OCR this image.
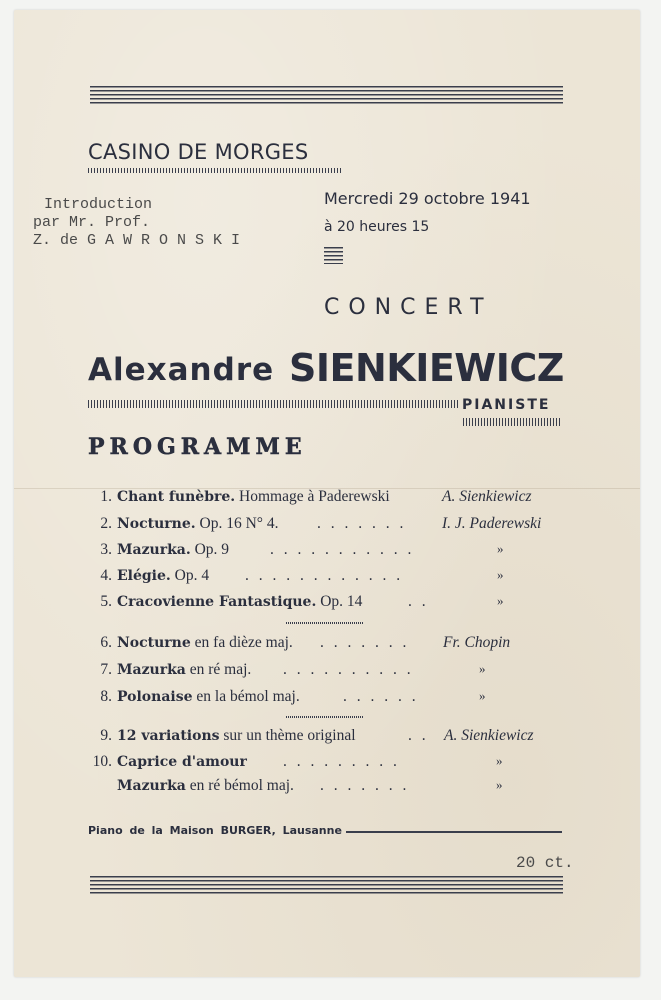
CASINO DE MORGES
Introduction
par Mr. Prof.
Z. de G A W R O N S K I
Mercredi 29 octobre 1941
à 20 heures 15
CONCERT
Alexandre SIENKIEWICZ
PIANISTE
PROGRAMME
1. Chant funèbre. Hommage à Paderewski	A. Sienkiewicz
2. Nocturne. Op. 16 N° 4. . . . . . . . I. J. Paderewski
3. Mazurka. Op. 9	. . . . . . . . . . .	»
4. Elégie. Op. 4 . . . . . . . . . . . .	»
5. Cracovienne Fantastique. Op. 14	. .	»
6. Nocturne en fa dièze maj. . . . . . . . Fr. Chopin
7. Mazurka en ré maj. . . . . . . . . . .	»
8. Polonaise en la bémol maj.	. . . . . .	»
9. 12 variations sur un thème original	. . A. Sienkiewicz
10. Caprice d'amour . . . . . . . . .	»
Mazurka en ré bémol maj. . . . . . . .	»
Piano de la Maison BURGER, Lausanne
20 ct.
